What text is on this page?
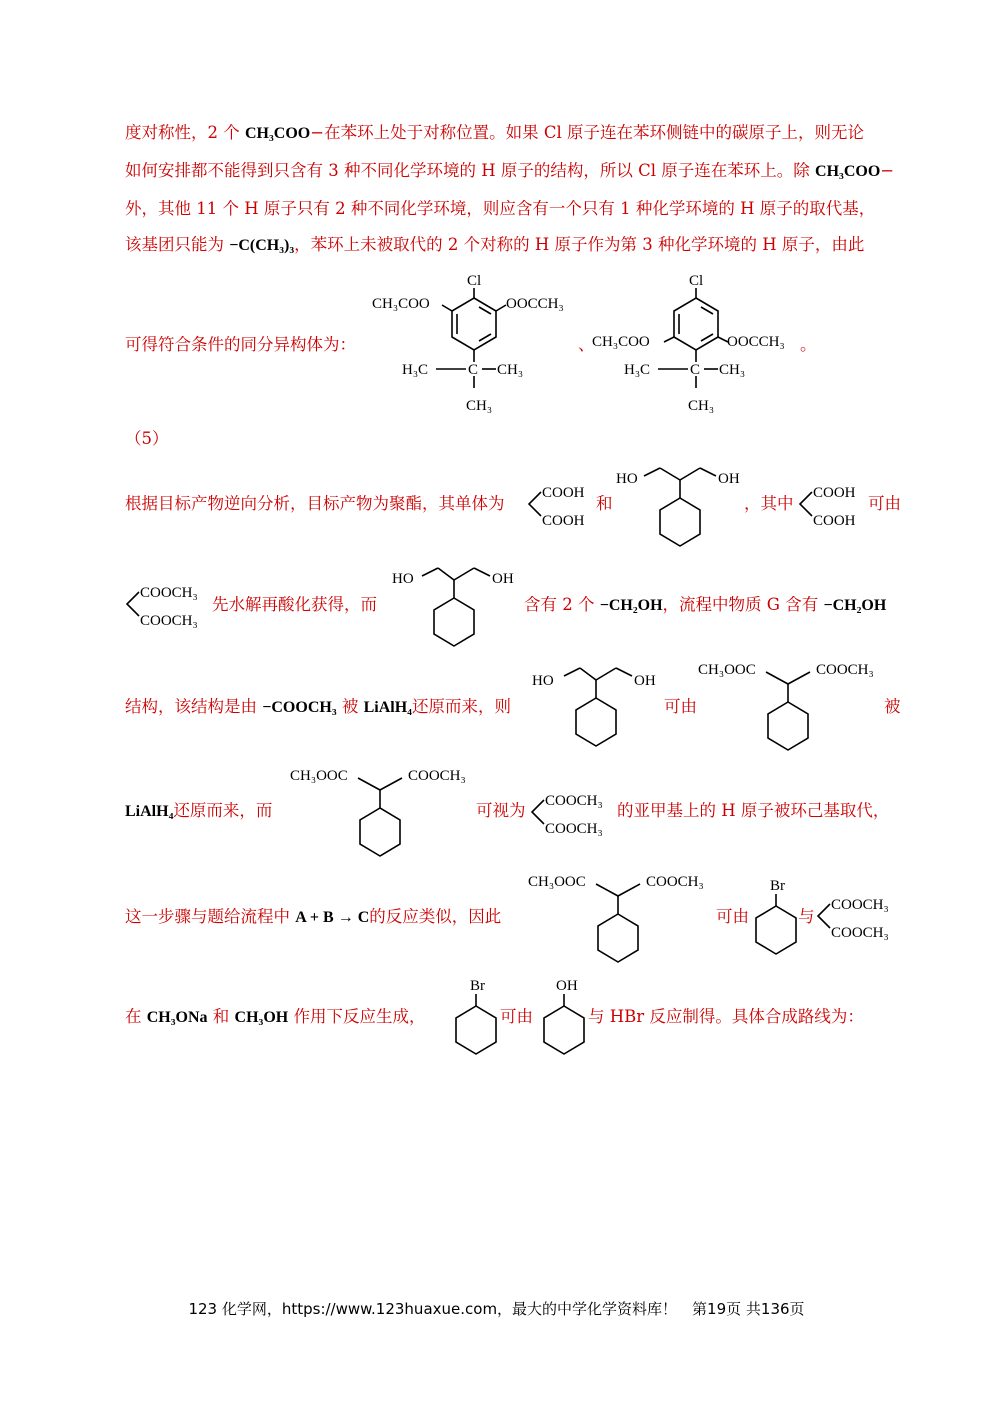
度对称性，2 个 CH₃COO−在苯环上处于对称位置。如果 Cl 原子连在苯环侧链中的碳原子上，则无论
如何安排都不能得到只含有 3 种不同化学环境的 H 原子的结构，所以 Cl 原子连在苯环上。除 CH₃COO−
外，其他 11 个 H 原子只有 2 种不同化学环境，则应含有一个只有 1 种化学环境的 H 原子的取代基，
该基团只能为 −C(CH₃)₃，苯环上未被取代的 2 个对称的 H 原子作为第 3 种化学环境的 H 原子，由此
可得符合条件的同分异构体为：	、	。
Cl
CH₃COO	OOCCH₃
H₃C	C CH₃
CH₃
Cl
CH₃COO	OOCCH₃
H₃C	C CH₃
CH₃
（5）
根据目标产物逆向分析，目标产物为聚酯，其单体为
COOH
COOH
和
HO	OH
，其中
COOH
COOH
可由
COOCH₃
COOCH₃
先水解再酸化获得，而
HO	OH
含有 2 个 −CH₂OH，流程中物质 G 含有 −CH₂OH
结构，该结构是由 −COOCH₃ 被 LiAlH₄还原而来，则
HO	OH
可由
CH₃OOC	COOCH₃
被
LiAlH₄还原而来，而
CH₃OOC	COOCH₃
可视为 COOCH₃
COOCH₃
的亚甲基上的 H 原子被环己基取代，
这一步骤与题给流程中 A + B → C的反应类似，因此
CH₃OOC	COOCH₃
可由
Br
与
COOCH₃
COOCH₃
在 CH₃ONa 和 CH₃OH 作用下反应生成，
Br
可由
OH
与 HBr 反应制得。具体合成路线为：
123 化学网，https://www.123huaxue.com，最大的中学化学资料库！　第19页 共136页
